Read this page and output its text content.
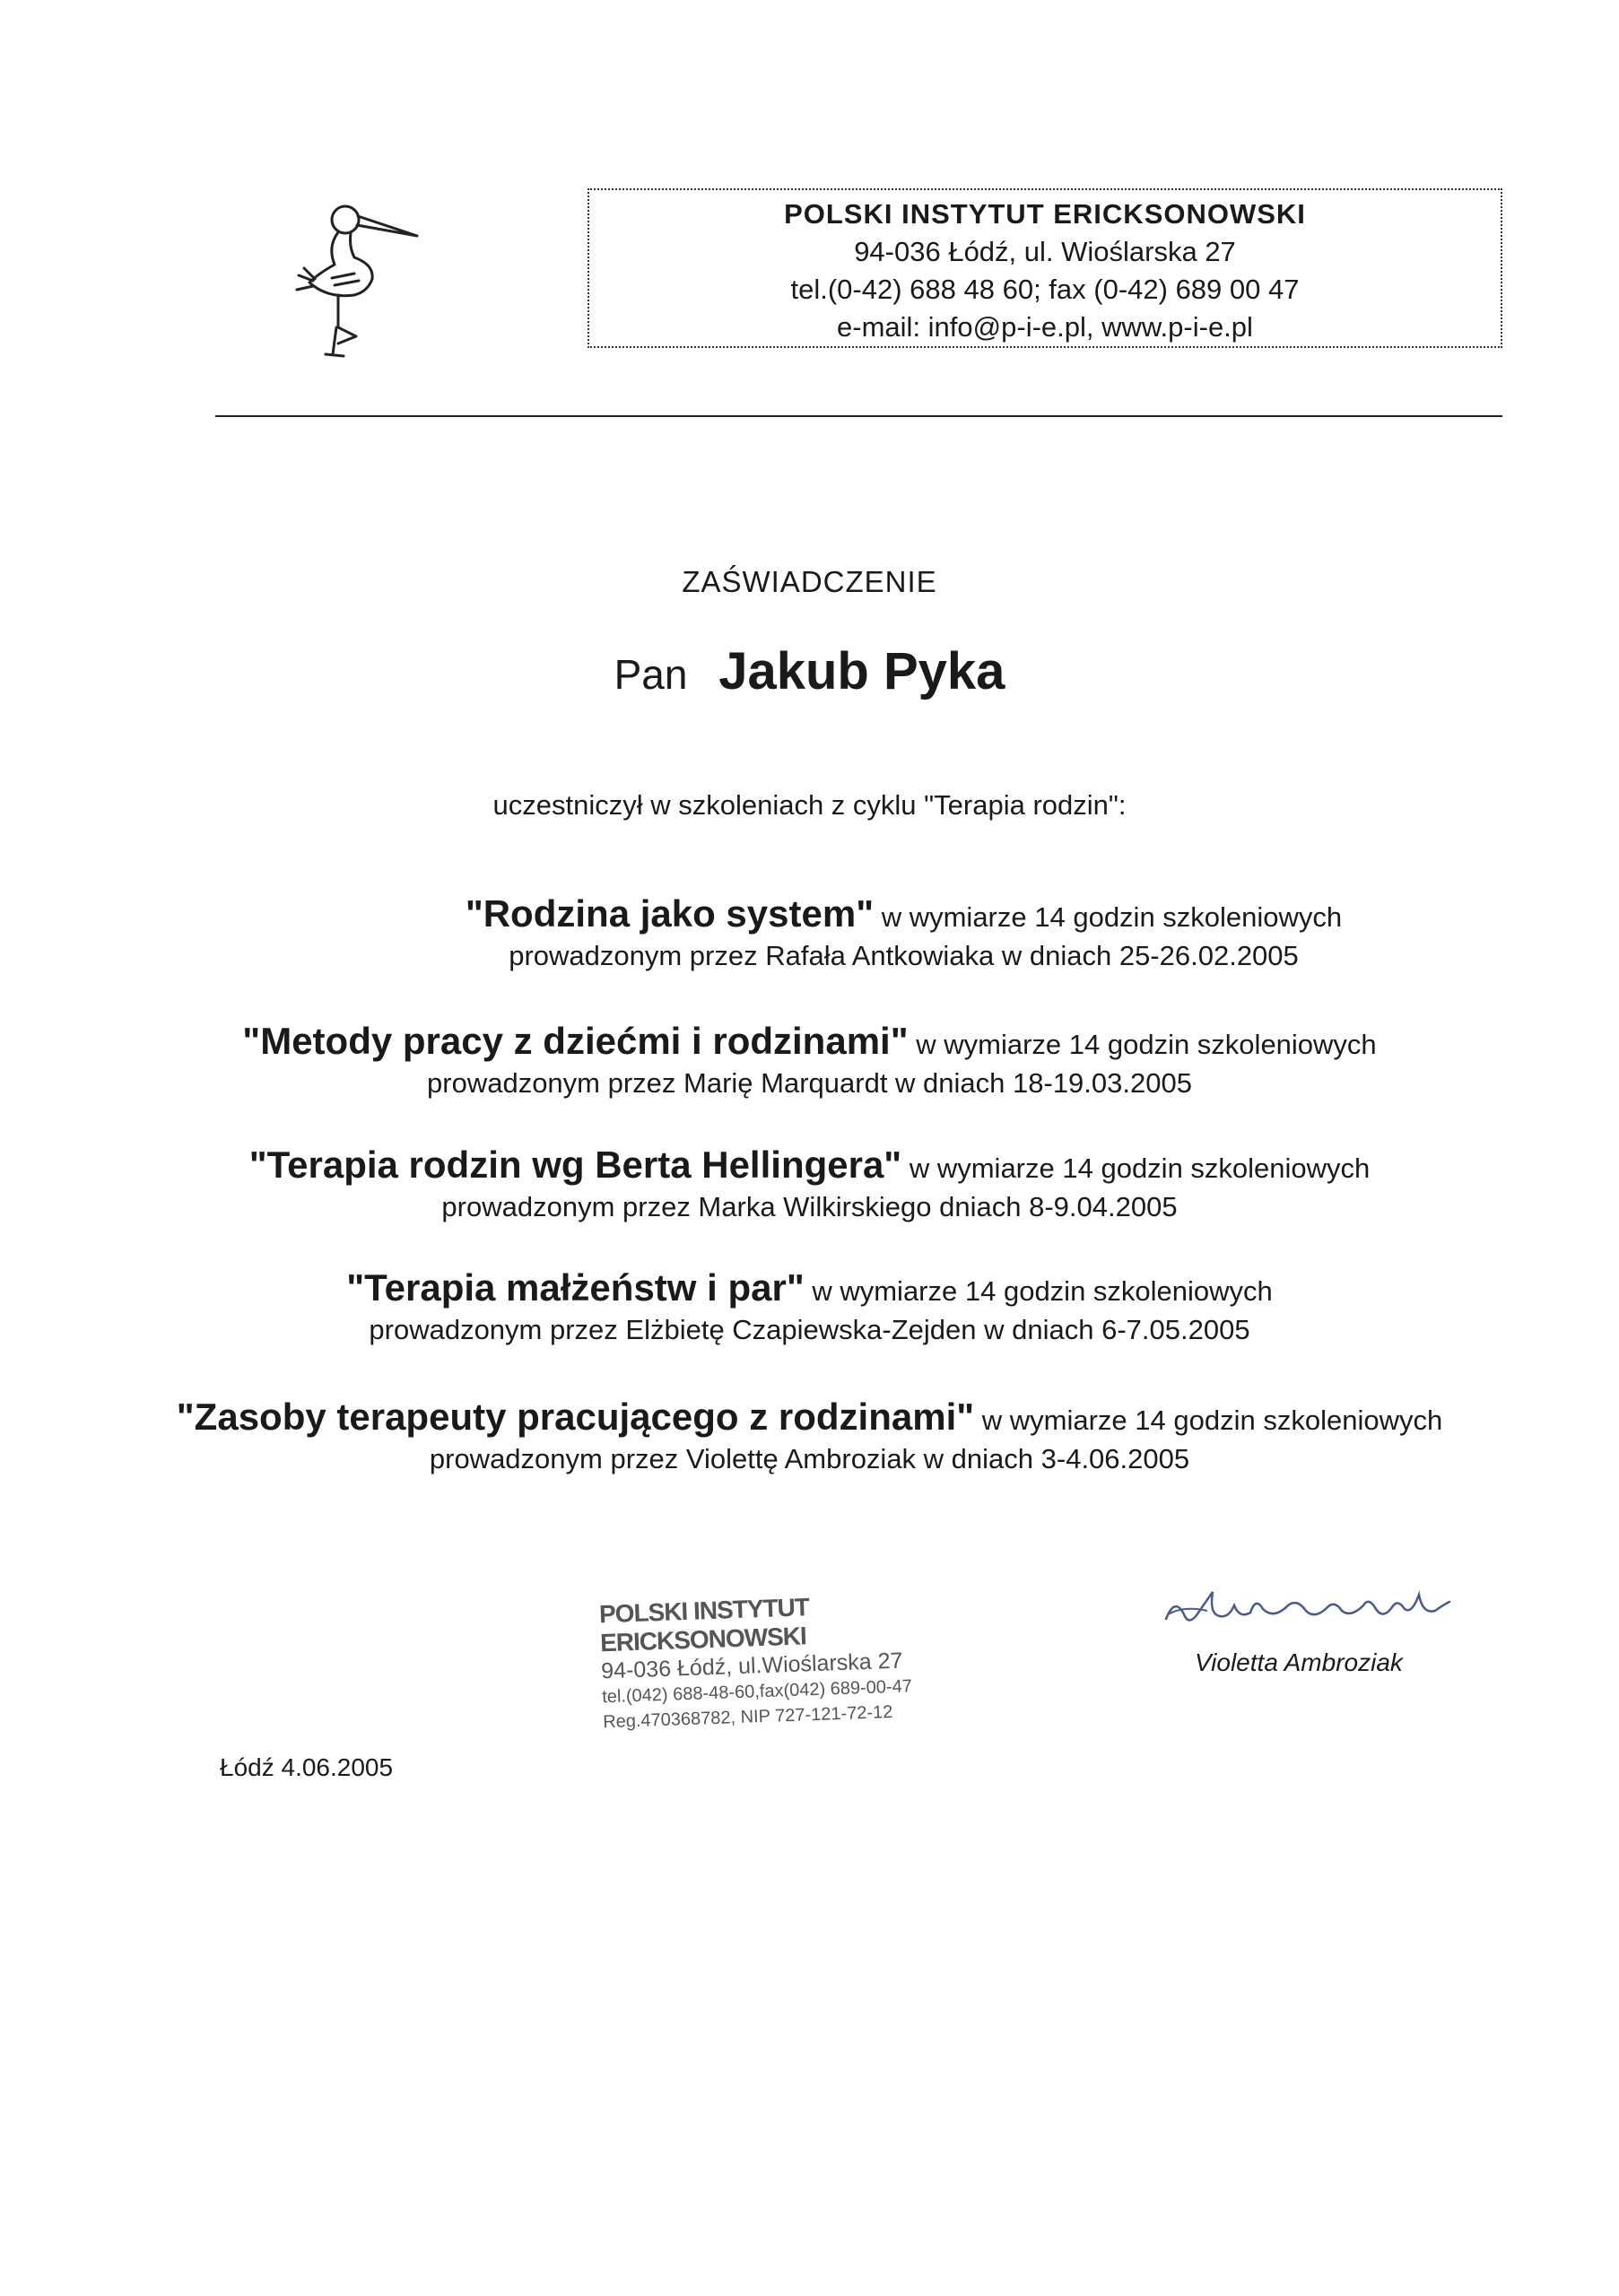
POLSKI INSTYTUT ERICKSONOWSKI
94-036 Łódź, ul. Wioślarska 27
tel.(0-42) 688 48 60; fax (0-42) 689 00 47
e-mail: info@p-i-e.pl, www.p-i-e.pl
ZAŚWIADCZENIE
Pan Jakub Pyka
uczestniczył w szkoleniach z cyklu "Terapia rodzin":
"Rodzina jako system" w wymiarze 14 godzin szkoleniowych
prowadzonym przez Rafała Antkowiaka w dniach 25-26.02.2005
"Metody pracy z dziećmi i rodzinami" w wymiarze 14 godzin szkoleniowych
prowadzonym przez Marię Marquardt w dniach 18-19.03.2005
"Terapia rodzin wg Berta Hellingera" w wymiarze 14 godzin szkoleniowych
prowadzonym przez Marka Wilkirskiego dniach 8-9.04.2005
"Terapia małżeństw i par" w wymiarze 14 godzin szkoleniowych
prowadzonym przez Elżbietę Czapiewska-Zejden w dniach 6-7.05.2005
"Zasoby terapeuty pracującego z rodzinami" w wymiarze 14 godzin szkoleniowych
prowadzonym przez Violettę Ambroziak w dniach 3-4.06.2005
POLSKI INSTYTUT ERICKSONOWSKI
94-036 Łódź, ul.Wioślarska 27
tel.(042) 688-48-60,fax(042) 689-00-47
Reg.470368782, NIP 727-121-72-12
Violetta Ambroziak
Łódź 4.06.2005
